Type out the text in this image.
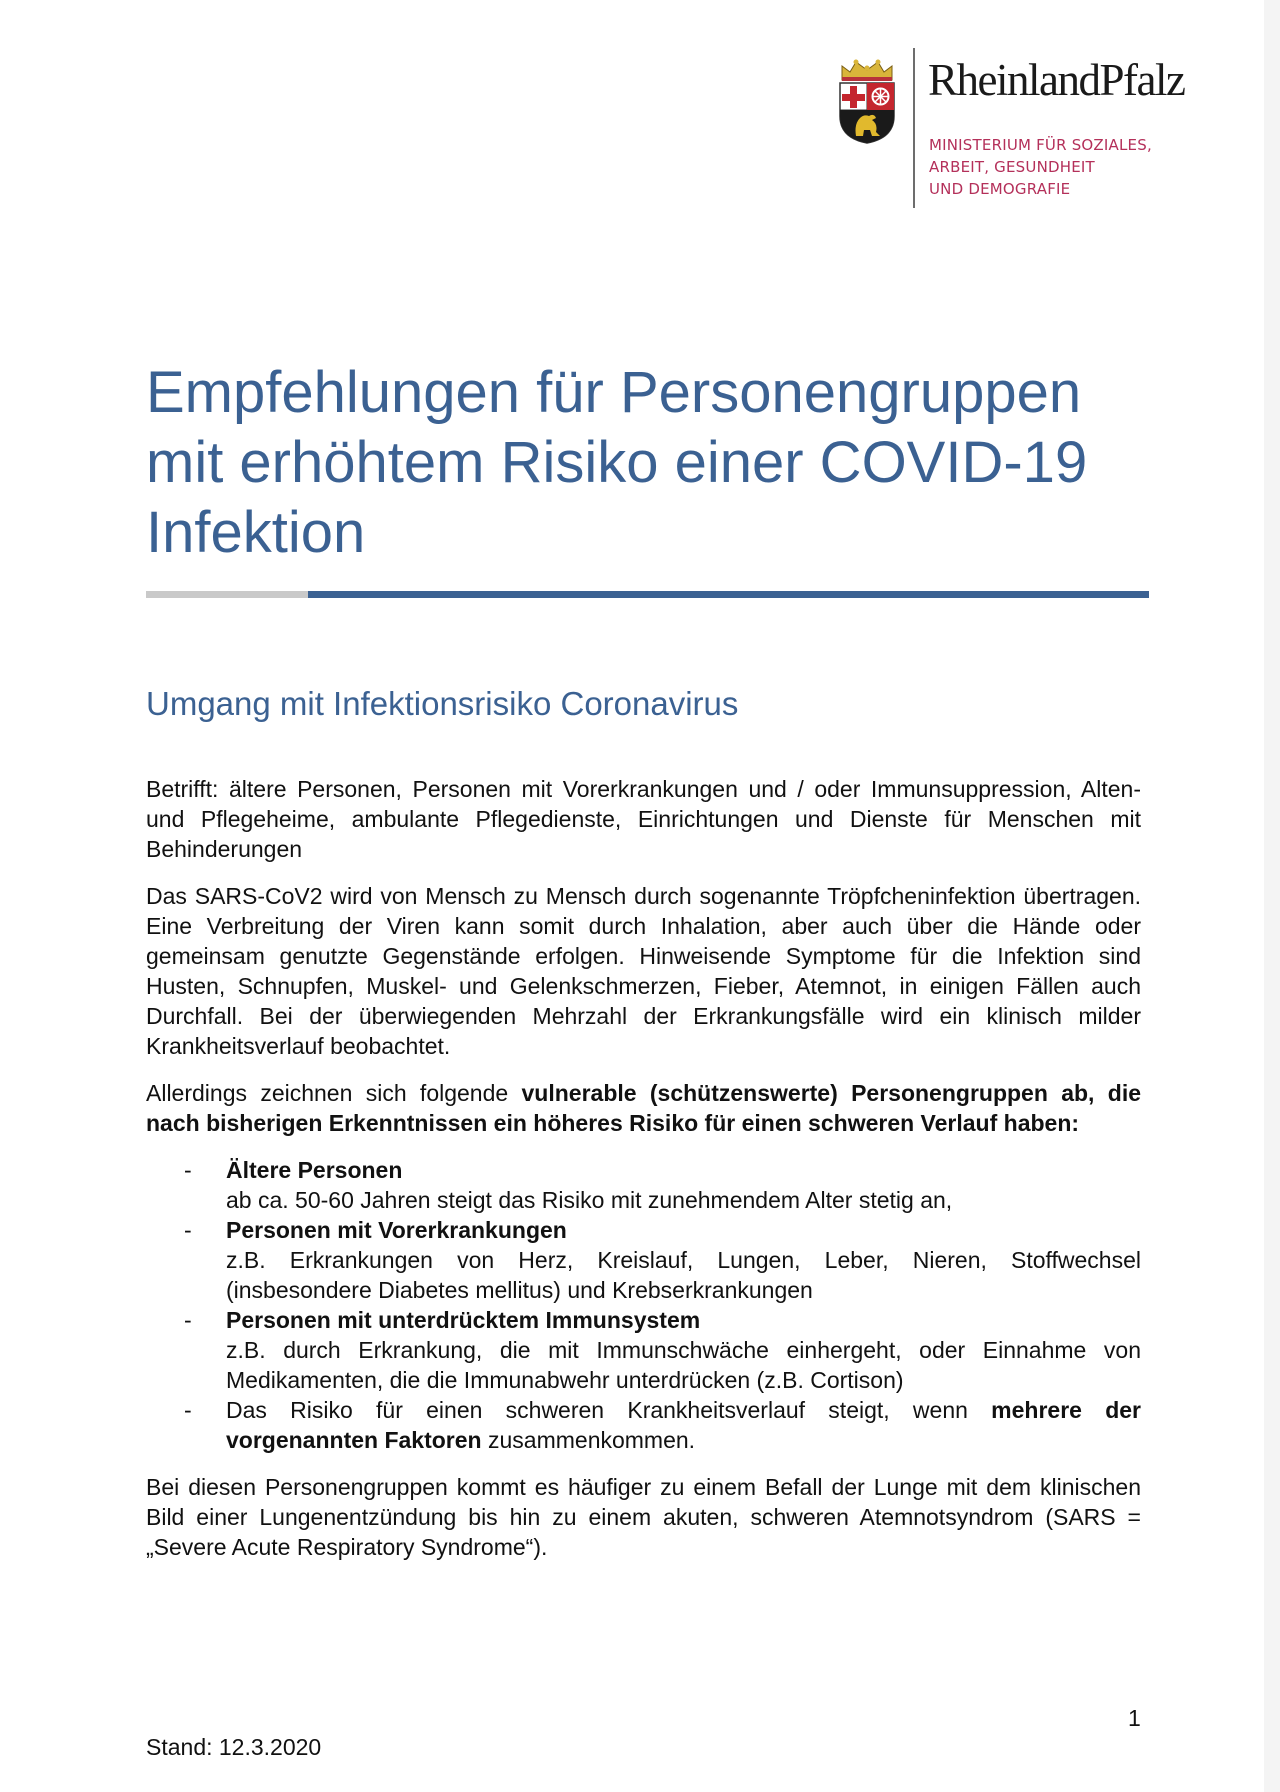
RheinlandPfalz
MINISTERIUM FÜR SOZIALES,
ARBEIT, GESUNDHEIT
UND DEMOGRAFIE
Empfehlungen für Personengruppen
mit erhöhtem Risiko einer COVID-19
Infektion
Umgang mit Infektionsrisiko Coronavirus

Betrifft: ältere Personen, Personen mit Vorerkrankungen und / oder Immunsuppression, Alten- und Pflegeheime, ambulante Pflegedienste, Einrichtungen und Dienste für Menschen mit Behinderungen

Das SARS-CoV2 wird von Mensch zu Mensch durch sogenannte Tröpfcheninfektion übertragen. Eine Verbreitung der Viren kann somit durch Inhalation, aber auch über die Hände oder gemeinsam genutzte Gegenstände erfolgen. Hinweisende Symptome für die Infektion sind Husten, Schnupfen, Muskel- und Gelenkschmerzen, Fieber, Atemnot, in einigen Fällen auch Durchfall. Bei der überwiegenden Mehrzahl der Erkrankungsfälle wird ein klinisch milder Krankheitsverlauf beobachtet.

Allerdings zeichnen sich folgende vulnerable (schützenswerte) Personengruppen ab, die nach bisherigen Erkenntnissen ein höheres Risiko für einen schweren Verlauf haben:

- Ältere Personen
ab ca. 50-60 Jahren steigt das Risiko mit zunehmendem Alter stetig an,
- Personen mit Vorerkrankungen
z.B. Erkrankungen von Herz, Kreislauf, Lungen, Leber, Nieren, Stoffwechsel (insbesondere Diabetes mellitus) und Krebserkrankungen
- Personen mit unterdrücktem Immunsystem
z.B. durch Erkrankung, die mit Immunschwäche einhergeht, oder Einnahme von Medikamenten, die die Immunabwehr unterdrücken (z.B. Cortison)
- Das Risiko für einen schweren Krankheitsverlauf steigt, wenn mehrere der vorgenannten Faktoren zusammenkommen.

Bei diesen Personengruppen kommt es häufiger zu einem Befall der Lunge mit dem klinischen Bild einer Lungenentzündung bis hin zu einem akuten, schweren Atemnotsyndrom (SARS = „Severe Acute Respiratory Syndrome“).

1
Stand: 12.3.2020
